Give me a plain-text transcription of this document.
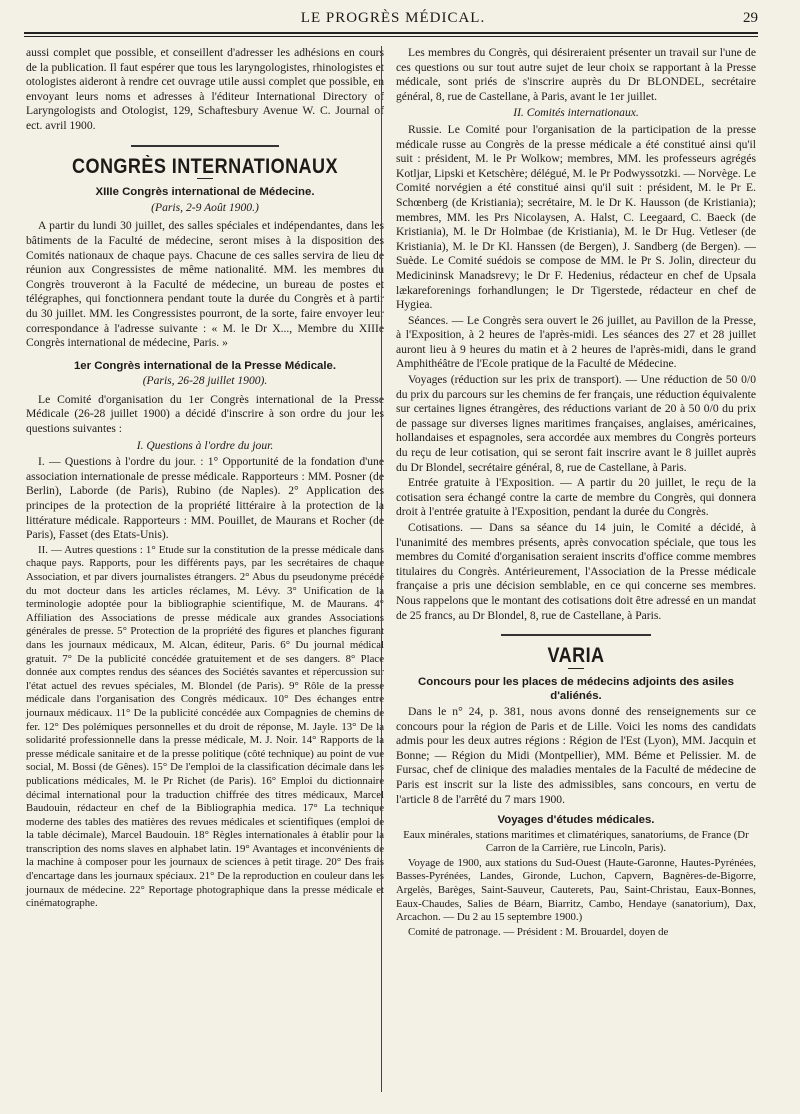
LE PROGRÈS MÉDICAL.	29

aussi complet que possible, et conseillent d'adresser les adhésions en cours de la publication. Il faut espérer que tous les laryngologistes, rhinologistes et otologistes aideront à rendre cet ouvrage utile aussi complet que possible, en envoyant leurs noms et adresses à l'éditeur International Directory of Laryngologists and Otologist, 129, Schaftesbury Avenue W. C. Journal of ect. avril 1900.

CONGRÈS INTERNATIONAUX
XIIIe Congrès international de Médecine.
(Paris, 2-9 Août 1900.)

A partir du lundi 30 juillet, des salles spéciales et indépendantes, dans les bâtiments de la Faculté de médecine, seront mises à la disposition des Comités nationaux de chaque pays. Chacune de ces salles servira de lieu de réunion aux Congressistes de même nationalité. MM. les membres du Congrès trouveront à la Faculté de médecine, un bureau de postes et télégraphes, qui fonctionnera pendant toute la durée du Congrès et à partir du 30 juillet. MM. les Congressistes pourront, de la sorte, faire envoyer leur correspondance à l'adresse suivante : « M. le Dr X..., Membre du XIIIe Congrès international de médecine, Paris. »

1er Congrès international de la Presse Médicale.
(Paris, 26-28 juillet 1900).

Le Comité d'organisation du 1er Congrès international de la Presse Médicale (26-28 juillet 1900) a décidé d'inscrire à son ordre du jour les questions suivantes :

I. Questions à l'ordre du jour.

I. — Questions à l'ordre du jour. : 1° Opportunité de la fondation d'une association internationale de presse médicale. Rapporteurs : MM. Posner (de Berlin), Laborde (de Paris), Rubino (de Naples). 2° Application des principes de la protection de la propriété littéraire à la protection de la littérature médicale. Rapporteurs : MM. Pouillet, de Maurans et Rocher (de Paris), Fasset (des Etats-Unis).

II. — Autres questions : 1° Etude sur la constitution de la presse médicale dans chaque pays. Rapports, pour les différents pays, par les secrétaires de chaque Association, et par divers journalistes étrangers. 2° Abus du pseudonyme précédé du mot docteur dans les articles réclames, M. Lévy. 3° Unification de la terminologie adoptée pour la bibliographie scientifique, M. de Maurans. 4° Affiliation des Associations de presse médicale aux grandes Associations générales de presse. 5° Protection de la propriété des figures et planches figurant dans les journaux médicaux, M. Alcan, éditeur, Paris. 6° Du journal médical gratuit. 7° De la publicité concédée gratuitement et de ses dangers. 8° Place donnée aux comptes rendus des séances des Sociétés savantes et répercussion sur l'état actuel des revues spéciales, M. Blondel (de Paris). 9° Rôle de la presse médicale dans l'organisation des Congrès médicaux. 10° Des échanges entre journaux médicaux. 11° De la publicité concédée aux Compagnies de chemins de fer. 12° Des polémiques personnelles et du droit de réponse, M. Jayle. 13° De la solidarité professionnelle dans la presse médicale, M. J. Noir. 14° Rapports de la presse médicale sanitaire et de la presse politique (côté technique) au point de vue social, M. Bossi (de Gênes). 15° De l'emploi de la classification décimale dans les publications médicales, M. le Pr Richet (de Paris). 16° Emploi du dictionnaire décimal international pour la traduction chiffrée des titres médicaux, Marcel Baudouin, rédacteur en chef de la Bibliographia medica. 17° La technique moderne des tables des matières des revues médicales et scientifiques (emploi de la table décimale), Marcel Baudouin. 18° Règles internationales à établir pour la transcription des noms slaves en alphabet latin. 19° Avantages et inconvénients de la machine à composer pour les journaux de sciences à petit tirage. 20° Des frais d'encartage dans les journaux spéciaux. 21° De la reproduction en couleur dans les journaux de médecine. 22° Reportage photographique dans la presse médicale et cinématographe.

Les membres du Congrès, qui désireraient présenter un travail sur l'une de ces questions ou sur tout autre sujet de leur choix se rapportant à la Presse médicale, sont priés de s'inscrire auprès du Dr BLONDEL, secrétaire général, 8, rue de Castellane, à Paris, avant le 1er juillet.

II. Comités internationaux.

Russie. Le Comité pour l'organisation de la participation de la presse médicale russe au Congrès de la presse médicale a été constitué ainsi qu'il suit : président, M. le Pr Wolkow; membres, MM. les professeurs agrégés Kotljar, Lipski et Ketschère; délégué, M. le Pr Podwyssotzki. — Norvège. Le Comité norvégien a été constitué ainsi qu'il suit : président, M. le Pr E. Schœnberg (de Kristiania); secrétaire, M. le Dr K. Hausson (de Kristiania); membres, MM. les Prs Nicolaysen, A. Halst, C. Leegaard, C. Baeck (de Kristiania), M. le Dr Holmbae (de Kristiania), M. le Dr Hug. Vetleser (de Kristiania), M. le Dr Kl. Hanssen (de Bergen), J. Sandberg (de Bergen). — Suède. Le Comité suédois se compose de MM. le Pr S. Jolin, directeur du Medicininsk Manadsrevy; le Dr F. Hedenius, rédacteur en chef de Upsala lækareforenings forhandlungen; le Dr Tigerstede, rédacteur en chef de Hygiea.

Séances. — Le Congrès sera ouvert le 26 juillet, au Pavillon de la Presse, à l'Exposition, à 2 heures de l'après-midi. Les séances des 27 et 28 juillet auront lieu à 9 heures du matin et à 2 heures de l'après-midi, dans le grand Amphithéâtre de l'Ecole pratique de la Faculté de Médecine.

Voyages (réduction sur les prix de transport). — Une réduction de 50 0/0 du prix du parcours sur les chemins de fer français, une réduction équivalente sur certaines lignes étrangères, des réductions variant de 20 à 50 0/0 du prix de passage sur diverses lignes maritimes françaises, anglaises, américaines, hollandaises et espagnoles, sera accordée aux membres du Congrès porteurs du reçu de leur cotisation, qui se seront fait inscrire avant le 8 juillet auprès du Dr Blondel, secrétaire général, 8, rue de Castellane, à Paris.

Entrée gratuite à l'Exposition. — A partir du 20 juillet, le reçu de la cotisation sera échangé contre la carte de membre du Congrès, qui donnera droit à l'entrée gratuite à l'Exposition, pendant la durée du Congrès.

Cotisations. — Dans sa séance du 14 juin, le Comité a décidé, à l'unanimité des membres présents, après convocation spéciale, que tous les membres du Comité d'organisation seraient inscrits d'office comme membres titulaires du Congrès. Antérieurement, l'Association de la Presse médicale française a pris une décision semblable, en ce qui concerne ses membres. Nous rappelons que le montant des cotisations doit être adressé en un mandat de 25 francs, au Dr Blondel, 8, rue de Castellane, à Paris.

VARIA
Concours pour les places de médecins adjoints des asiles d'aliénés.

Dans le n° 24, p. 381, nous avons donné des renseignements sur ce concours pour la région de Paris et de Lille. Voici les noms des candidats admis pour les deux autres régions : Région de l'Est (Lyon), MM. Jacquin et Bonne; — Région du Midi (Montpellier), MM. Béme et Pelissier. M. de Fursac, chef de clinique des maladies mentales de la Faculté de médecine de Paris est inscrit sur la liste des admissibles, sans concours, en vertu de l'article 8 de l'arrêté du 7 mars 1900.

Voyages d'études médicales.

Eaux minérales, stations maritimes et climatériques, sanatoriums, de France (Dr Carron de la Carrière, rue Lincoln, Paris).

Voyage de 1900, aux stations du Sud-Ouest (Haute-Garonne, Hautes-Pyrénées, Basses-Pyrénées, Landes, Gironde, Luchon, Capvern, Bagnères-de-Bigorre, Argelès, Barèges, Saint-Sauveur, Cauterets, Pau, Saint-Christau, Eaux-Bonnes, Eaux-Chaudes, Salies de Béarn, Biarritz, Cambo, Hendaye (sanatorium), Dax, Arcachon. — Du 2 au 15 septembre 1900.)

Comité de patronage. — Président : M. Brouardel, doyen de
